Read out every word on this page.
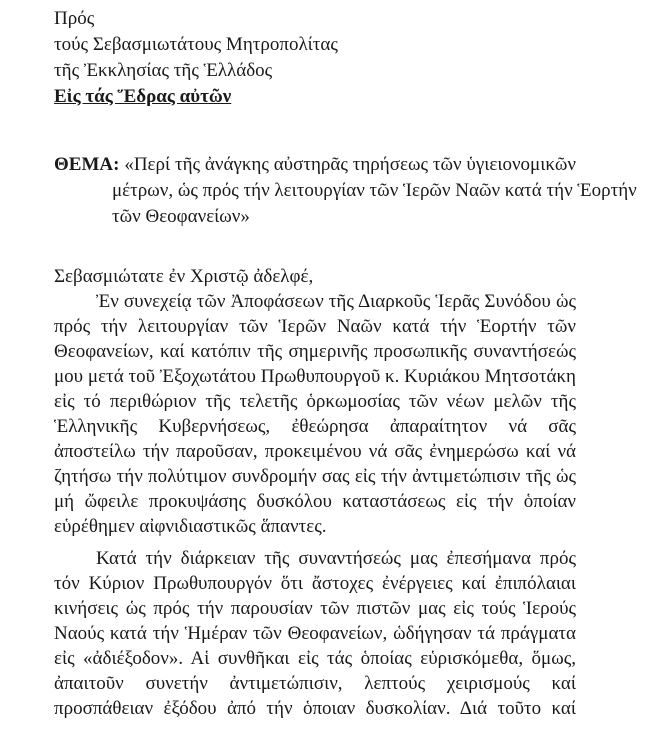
Πρός
τούς Σεβασμιωτάτους Μητροπολίτας
τῆς Ἐκκλησίας τῆς Ἑλλάδος
Εἰς τάς Ἕδρας αὐτῶν
ΘΕΜΑ: «Περί τῆς ἀνάγκης αὐστηρᾶς τηρήσεως τῶν ὑγιειονομικῶν
μέτρων, ὡς πρός τήν λειτουργίαν τῶν Ἱερῶν Ναῶν κατά τήν Ἑορτήν
τῶν Θεοφανείων»
Σεβασμιώτατε ἐν Χριστῷ ἀδελφέ,
Ἐν συνεχείᾳ τῶν Ἀποφάσεων τῆς Διαρκοῦς Ἱερᾶς Συνόδου ὡς
πρός τήν λειτουργίαν τῶν Ἱερῶν Ναῶν κατά τήν Ἑορτήν τῶν
Θεοφανείων, καί κατόπιν τῆς σημερινῆς προσωπικῆς συναντήσεώς
μου μετά τοῦ Ἐξοχωτάτου Πρωθυπουργοῦ κ. Κυριάκου Μητσοτάκη
εἰς τό περιθώριον τῆς τελετῆς ὁρκωμοσίας τῶν νέων μελῶν τῆς
Ἑλληνικῆς Κυβερνήσεως, ἐθεώρησα ἀπαραίτητον νά σᾶς
ἀποστείλω τήν παροῦσαν, προκειμένου νά σᾶς ἐνημερώσω καί νά
ζητήσω τήν πολύτιμον συνδρομήν σας εἰς τήν ἀντιμετώπισιν τῆς ὡς
μή ὤφειλε προκυψάσης δυσκόλου καταστάσεως εἰς τήν ὁποίαν
εὑρέθημεν αἰφνιδιαστικῶς ἅπαντες.
Κατά τήν διάρκειαν τῆς συναντήσεώς μας ἐπεσήμανα πρός
τόν Κύριον Πρωθυπουργόν ὅτι ἄστοχες ἐνέργειες καί ἐπιπόλαιαι
κινήσεις ὡς πρός τήν παρουσίαν τῶν πιστῶν μας εἰς τούς Ἱερούς
Ναούς κατά τήν Ἡμέραν τῶν Θεοφανείων, ὡδήγησαν τά πράγματα
εἰς «ἀδιέξοδον». Αἱ συνθῆκαι εἰς τάς ὁποίας εὑρισκόμεθα, ὅμως,
ἀπαιτοῦν συνετήν ἀντιμετώπισιν, λεπτούς χειρισμούς καί
προσπάθειαν ἐξόδου ἀπό τήν ὁποιαν δυσκολίαν. Διά τοῦτο καί
